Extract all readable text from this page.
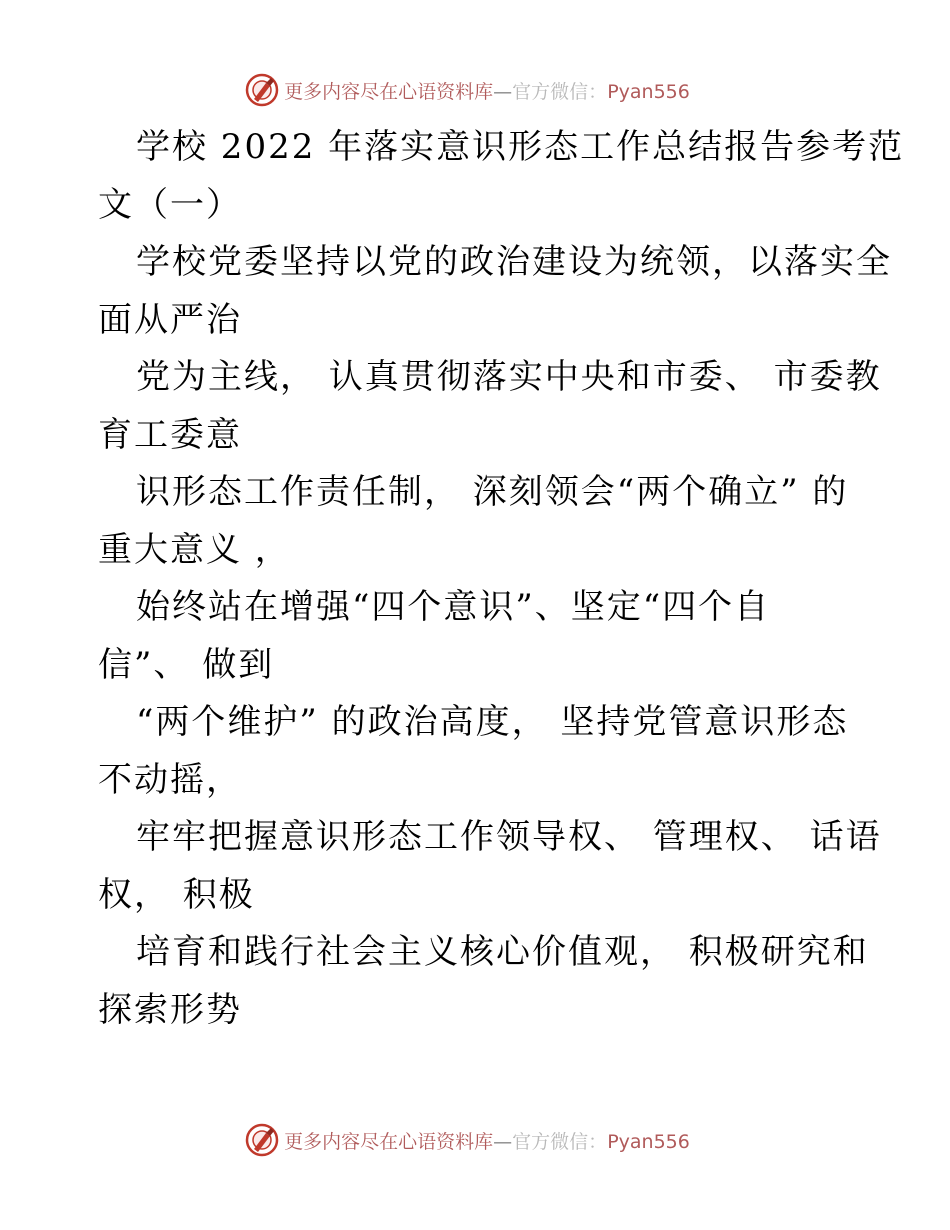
更多内容尽在心语资料库—官方微信：Pyan556
学校 2022 年落实意识形态工作总结报告参考范
文（一）
学校党委坚持以党的政治建设为统领，以落实全
面从严治
党为主线， 认真贯彻落实中央和市委、 市委教
育工委意
识形态工作责任制， 深刻领会“两个确立” 的
重大意义 ，
始终站在增强“四个意识”、坚定“四个自
信”、 做到
“两个维护” 的政治高度， 坚持党管意识形态
不动摇，
牢牢把握意识形态工作领导权、 管理权、 话语
权， 积极
培育和践行社会主义核心价值观， 积极研究和
探索形势
更多内容尽在心语资料库—官方微信：Pyan556
